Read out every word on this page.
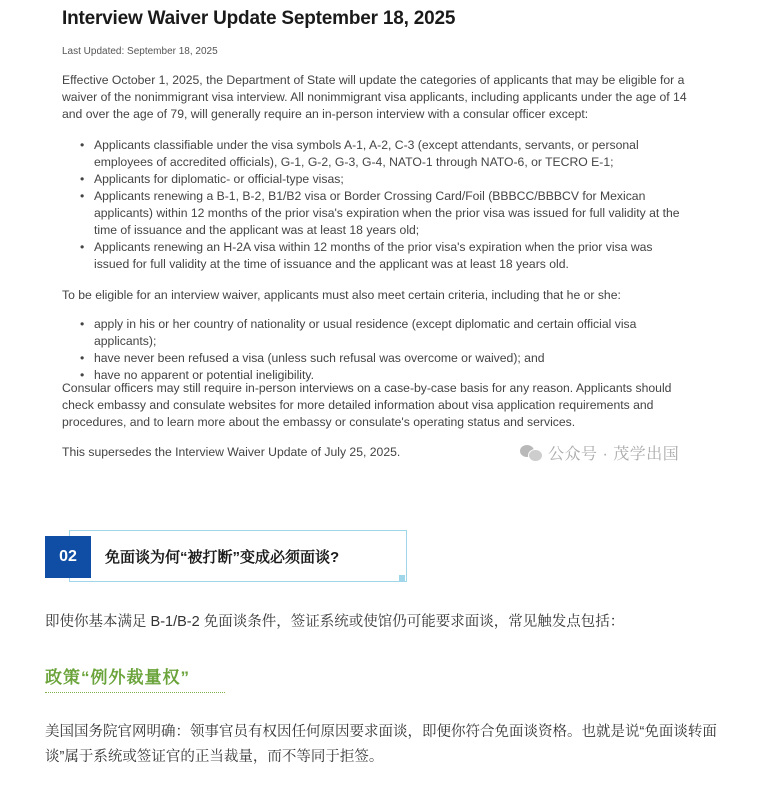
Interview Waiver Update September 18, 2025
Last Updated: September 18, 2025

Effective October 1, 2025, the Department of State will update the categories of applicants that may be eligible for a waiver of the nonimmigrant visa interview. All nonimmigrant visa applicants, including applicants under the age of 14 and over the age of 79, will generally require an in-person interview with a consular officer except:

• Applicants classifiable under the visa symbols A-1, A-2, C-3 (except attendants, servants, or personal employees of accredited officials), G-1, G-2, G-3, G-4, NATO-1 through NATO-6, or TECRO E-1;
• Applicants for diplomatic- or official-type visas;
• Applicants renewing a B-1, B-2, B1/B2 visa or Border Crossing Card/Foil (BBBCC/BBBCV for Mexican applicants) within 12 months of the prior visa's expiration when the prior visa was issued for full validity at the time of issuance and the applicant was at least 18 years old;
• Applicants renewing an H-2A visa within 12 months of the prior visa's expiration when the prior visa was issued for full validity at the time of issuance and the applicant was at least 18 years old.

To be eligible for an interview waiver, applicants must also meet certain criteria, including that he or she:

• apply in his or her country of nationality or usual residence (except diplomatic and certain official visa applicants);
• have never been refused a visa (unless such refusal was overcome or waived); and
• have no apparent or potential ineligibility.

Consular officers may still require in-person interviews on a case-by-case basis for any reason. Applicants should check embassy and consulate websites for more detailed information about visa application requirements and procedures, and to learn more about the embassy or consulate's operating status and services.

This supersedes the Interview Waiver Update of July 25, 2025.	公众号 · 茂学出国
02	免面谈为何“被打断”变成必须面谈?

即使你基本满足 B-1/B-2 免面谈条件，签证系统或使馆仍可能要求面谈，常见触发点包括：

政策“例外裁量权”

美国国务院官网明确：领事官员有权因任何原因要求面谈，即便你符合免面谈资格。也就是说“免面谈转面谈”属于系统或签证官的正当裁量，而不等同于拒签。
